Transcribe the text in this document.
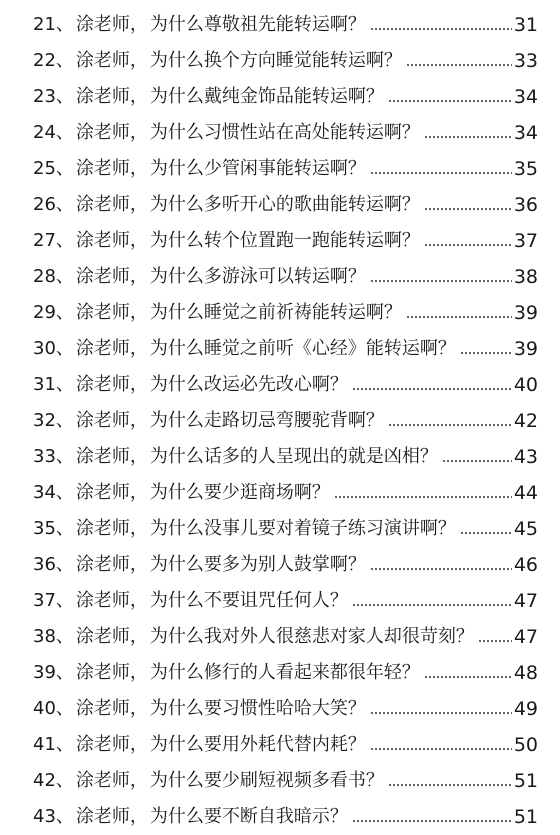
21、 涂老师， 为什么尊敬祖先能转运啊？	31
22、 涂老师， 为什么换个方向睡觉能转运啊？	33
23、 涂老师， 为什么戴纯金饰品能转运啊？	34
24、 涂老师， 为什么习惯性站在高处能转运啊？	34
25、 涂老师， 为什么少管闲事能转运啊？	35
26、 涂老师， 为什么多听开心的歌曲能转运啊？	36
27、 涂老师， 为什么转个位置跑一跑能转运啊？	37
28、 涂老师， 为什么多游泳可以转运啊？	38
29、 涂老师， 为什么睡觉之前祈祷能转运啊？	39
30、 涂老师， 为什么睡觉之前听《心经》能转运啊？	39
31、 涂老师， 为什么改运必先改心啊？	40
32、 涂老师， 为什么走路切忌弯腰驼背啊？	42
33、 涂老师， 为什么话多的人呈现出的就是凶相？	43
34、 涂老师， 为什么要少逛商场啊？	44
35、 涂老师， 为什么没事儿要对着镜子练习演讲啊？	45
36、 涂老师， 为什么要多为别人鼓掌啊？	46
37、 涂老师， 为什么不要诅咒任何人？	47
38、 涂老师， 为什么我对外人很慈悲对家人却很苛刻？ 47
39、 涂老师， 为什么修行的人看起来都很年轻？	48
40、 涂老师， 为什么要习惯性哈哈大笑？	49
41、 涂老师， 为什么要用外耗代替内耗？	50
42、 涂老师， 为什么要少刷短视频多看书？	51
43、 涂老师， 为什么要不断自我暗示？	51
